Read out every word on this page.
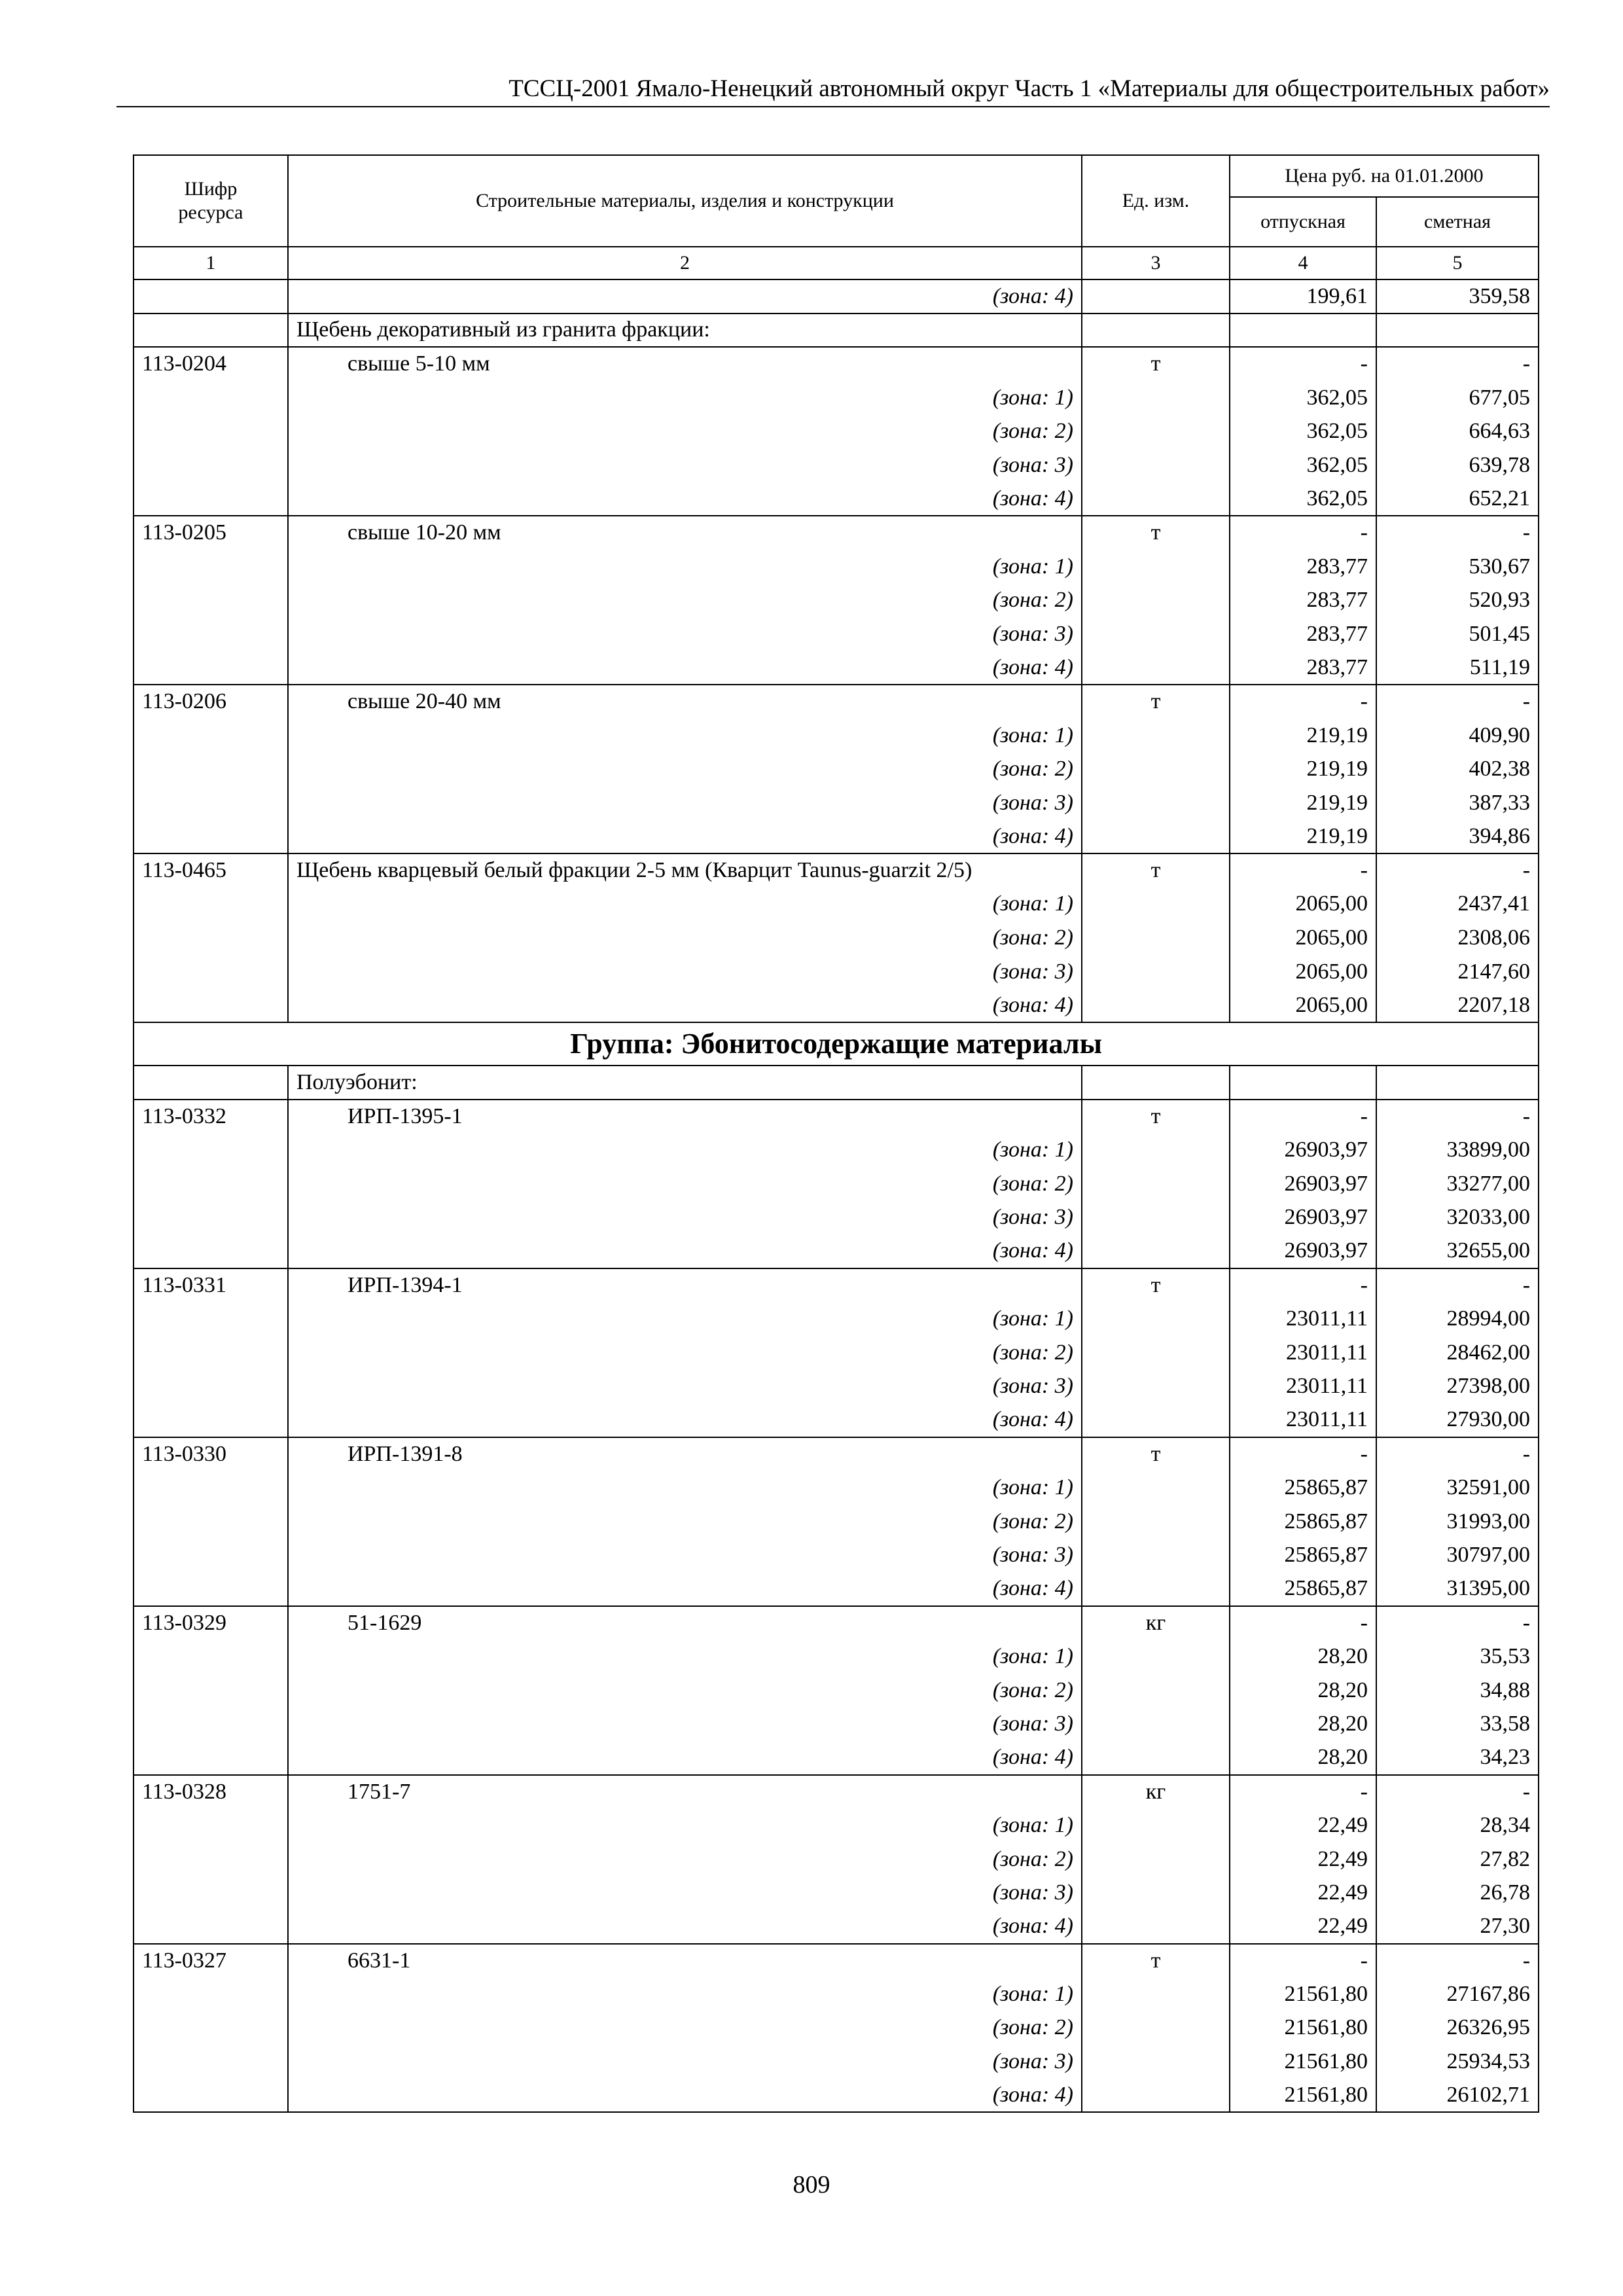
ТССЦ-2001 Ямало-Ненецкий автономный округ Часть 1 «Материалы для общестроительных работ»
Шифр ресурса	Строительные материалы, изделия и конструкции	Ед. изм.	Цена руб. на 01.01.2000	
			отпускная	сметная
1	2	3	4	5
	(зона: 4)		199,61	359,58
	Щебень декоративный из гранита фракции:			
113-0204	свыше 5-10 мм	т	-	-
	(зона: 1)		362,05	677,05
	(зона: 2)		362,05	664,63
	(зона: 3)		362,05	639,78
	(зона: 4)		362,05	652,21
113-0205	свыше 10-20 мм	т	-	-
	(зона: 1)		283,77	530,67
	(зона: 2)		283,77	520,93
	(зона: 3)		283,77	501,45
	(зона: 4)		283,77	511,19
113-0206	свыше 20-40 мм	т	-	-
	(зона: 1)		219,19	409,90
	(зона: 2)		219,19	402,38
	(зона: 3)		219,19	387,33
	(зона: 4)		219,19	394,86
113-0465	Щебень кварцевый белый фракции 2-5 мм (Кварцит Taunus-guarzit 2/5)	т	-	-
	(зона: 1)		2065,00	2437,41
	(зона: 2)		2065,00	2308,06
	(зона: 3)		2065,00	2147,60
	(зона: 4)		2065,00	2207,18
Группа: Эбонитосодержащие материалы				
	Полуэбонит:			
113-0332	ИРП-1395-1	т	-	-
	(зона: 1)		26903,97	33899,00
	(зона: 2)		26903,97	33277,00
	(зона: 3)		26903,97	32033,00
	(зона: 4)		26903,97	32655,00
113-0331	ИРП-1394-1	т	-	-
	(зона: 1)		23011,11	28994,00
	(зона: 2)		23011,11	28462,00
	(зона: 3)		23011,11	27398,00
	(зона: 4)		23011,11	27930,00
113-0330	ИРП-1391-8	т	-	-
	(зона: 1)		25865,87	32591,00
	(зона: 2)		25865,87	31993,00
	(зона: 3)		25865,87	30797,00
	(зона: 4)		25865,87	31395,00
113-0329	51-1629	кг	-	-
	(зона: 1)		28,20	35,53
	(зона: 2)		28,20	34,88
	(зона: 3)		28,20	33,58
	(зона: 4)		28,20	34,23
113-0328	1751-7	кг	-	-
	(зона: 1)		22,49	28,34
	(зона: 2)		22,49	27,82
	(зона: 3)		22,49	26,78
	(зона: 4)		22,49	27,30
113-0327	6631-1	т	-	-
	(зона: 1)		21561,80	27167,86
	(зона: 2)		21561,80	26326,95
	(зона: 3)		21561,80	25934,53
	(зона: 4)		21561,80	26102,71
809
